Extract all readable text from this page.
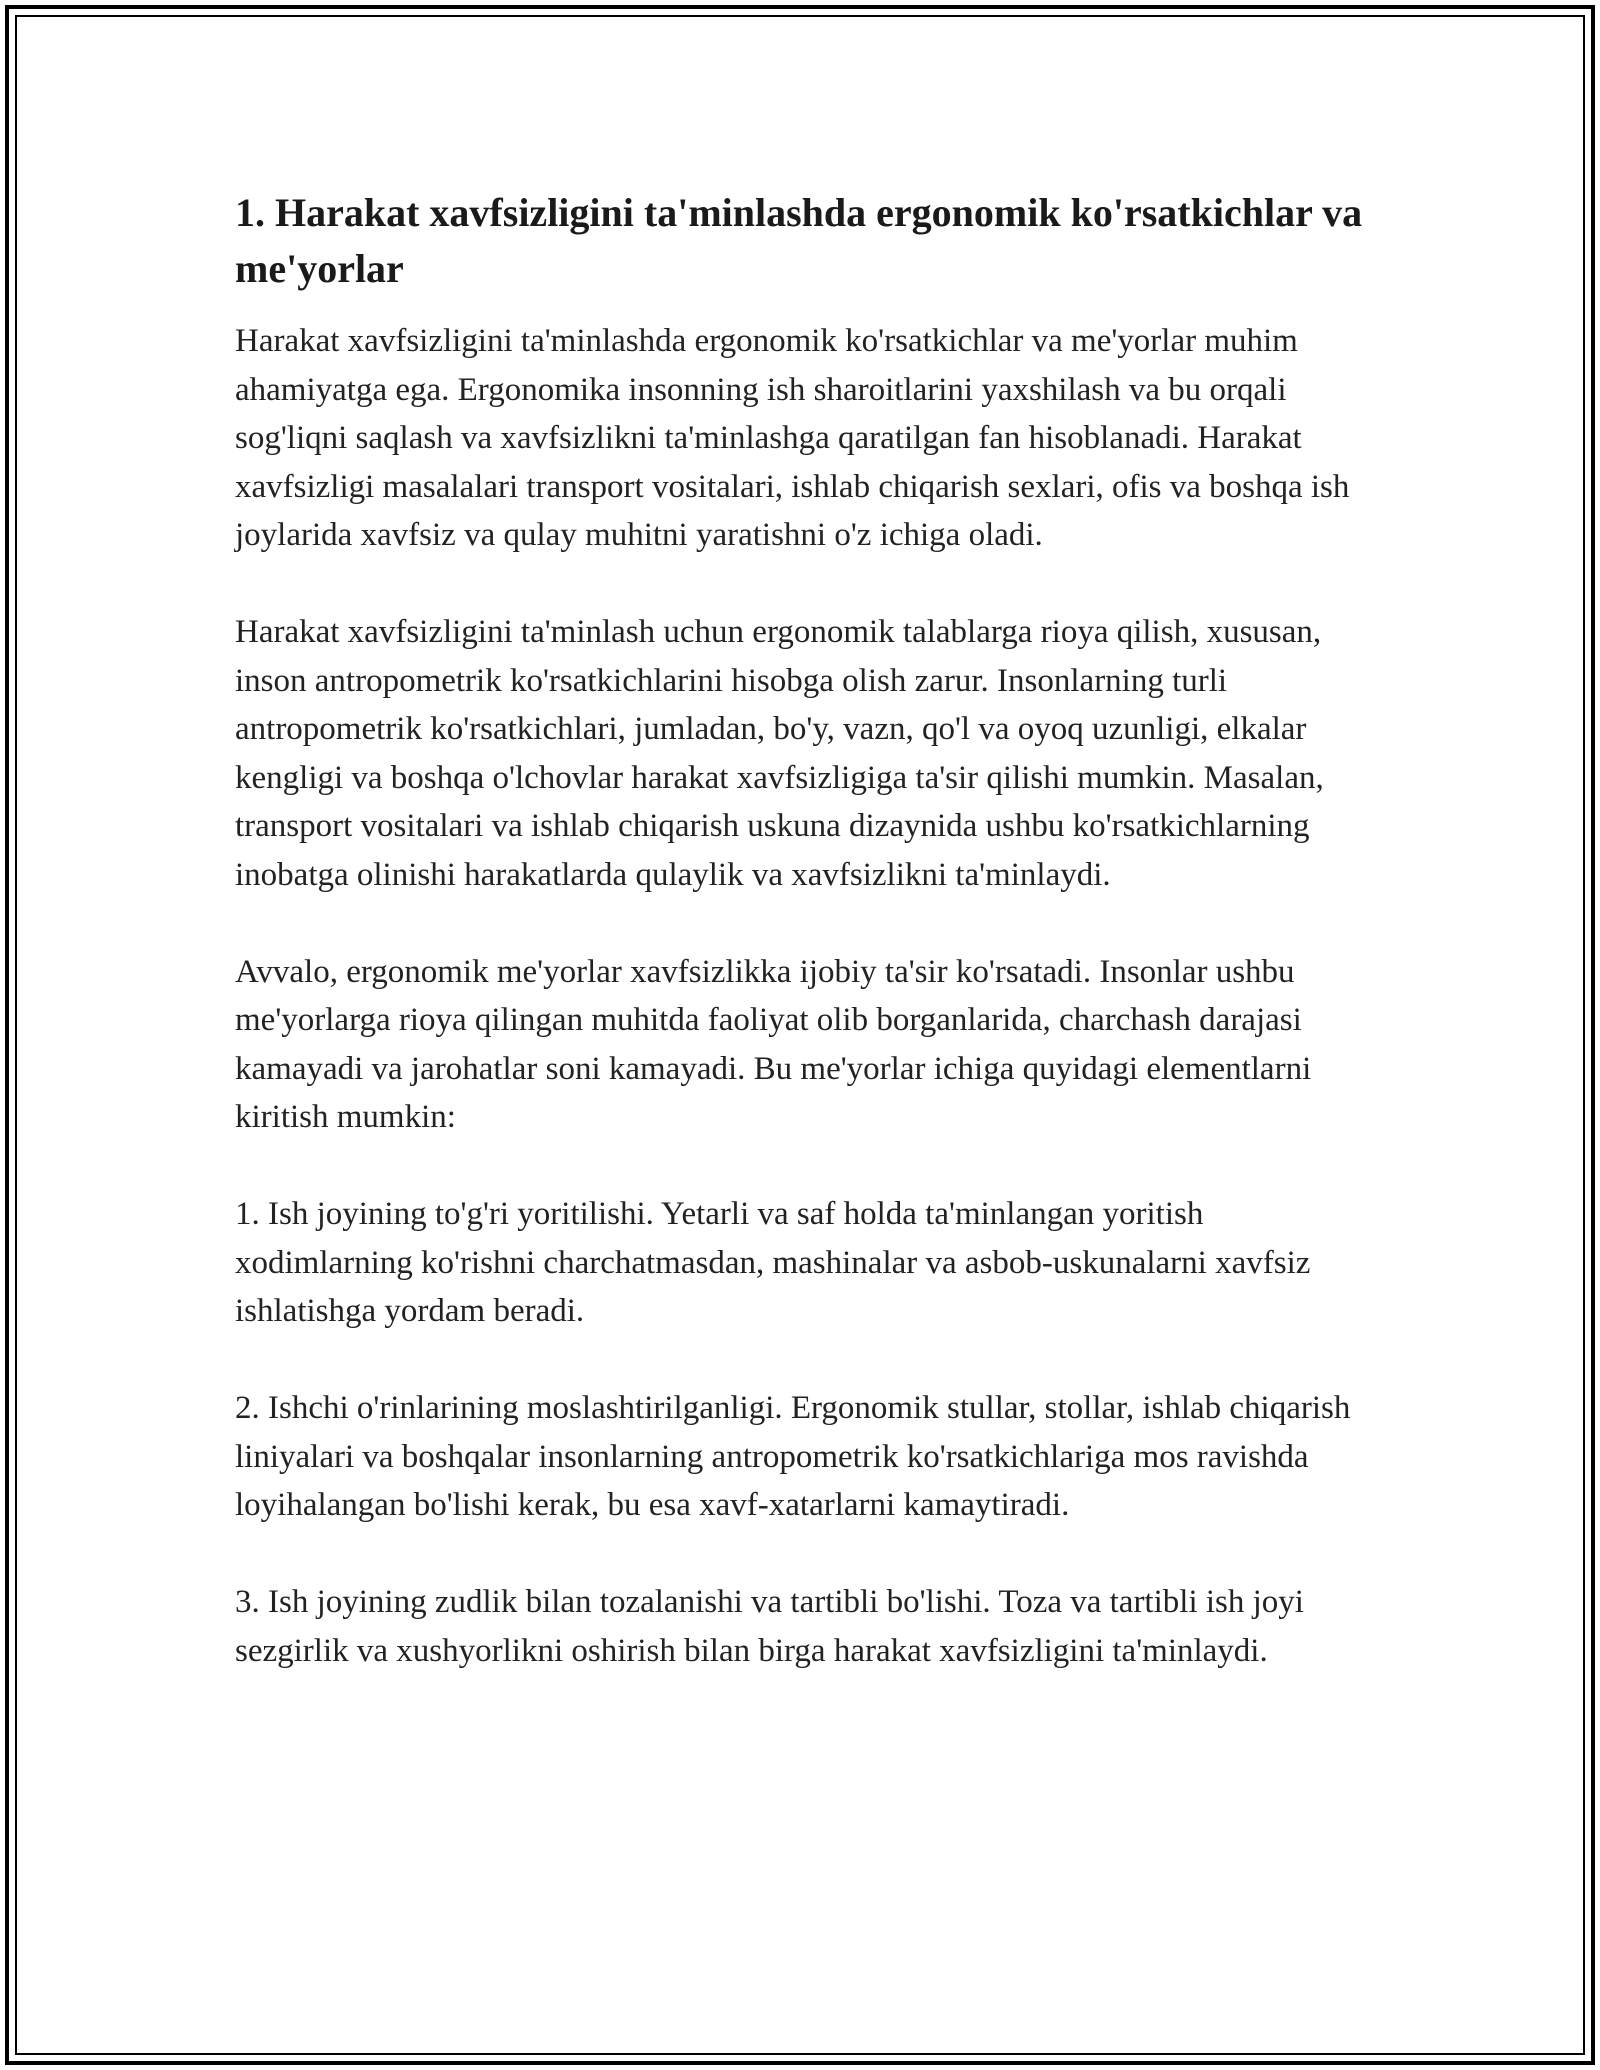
1. Harakat xavfsizligini ta'minlashda ergonomik ko'rsatkichlar va me'yorlar

Harakat xavfsizligini ta'minlashda ergonomik ko'rsatkichlar va me'yorlar muhim ahamiyatga ega. Ergonomika insonning ish sharoitlarini yaxshilash va bu orqali sog'liqni saqlash va xavfsizlikni ta'minlashga qaratilgan fan hisoblanadi. Harakat xavfsizligi masalalari transport vositalari, ishlab chiqarish sexlari, ofis va boshqa ish joylarida xavfsiz va qulay muhitni yaratishni o'z ichiga oladi.

Harakat xavfsizligini ta'minlash uchun ergonomik talablarga rioya qilish, xususan, inson antropometrik ko'rsatkichlarini hisobga olish zarur. Insonlarning turli antropometrik ko'rsatkichlari, jumladan, bo'y, vazn, qo'l va oyoq uzunligi, elkalar kengligi va boshqa o'lchovlar harakat xavfsizligiga ta'sir qilishi mumkin. Masalan, transport vositalari va ishlab chiqarish uskuna dizaynida ushbu ko'rsatkichlarning inobatga olinishi harakatlarda qulaylik va xavfsizlikni ta'minlaydi.

Avvalo, ergonomik me'yorlar xavfsizlikka ijobiy ta'sir ko'rsatadi. Insonlar ushbu me'yorlarga rioya qilingan muhitda faoliyat olib borganlarida, charchash darajasi kamayadi va jarohatlar soni kamayadi. Bu me'yorlar ichiga quyidagi elementlarni kiritish mumkin:

1. Ish joyining to'g'ri yoritilishi. Yetarli va saf holda ta'minlangan yoritish xodimlarning ko'rishni charchatmasdan, mashinalar va asbob-uskunalarni xavfsiz ishlatishga yordam beradi.

2. Ishchi o'rinlarining moslashtirilganligi. Ergonomik stullar, stollar, ishlab chiqarish liniyalari va boshqalar insonlarning antropometrik ko'rsatkichlariga mos ravishda loyihalangan bo'lishi kerak, bu esa xavf-xatarlarni kamaytiradi.

3. Ish joyining zudlik bilan tozalanishi va tartibli bo'lishi. Toza va tartibli ish joyi sezgirlik va xushyorlikni oshirish bilan birga harakat xavfsizligini ta'minlaydi.
